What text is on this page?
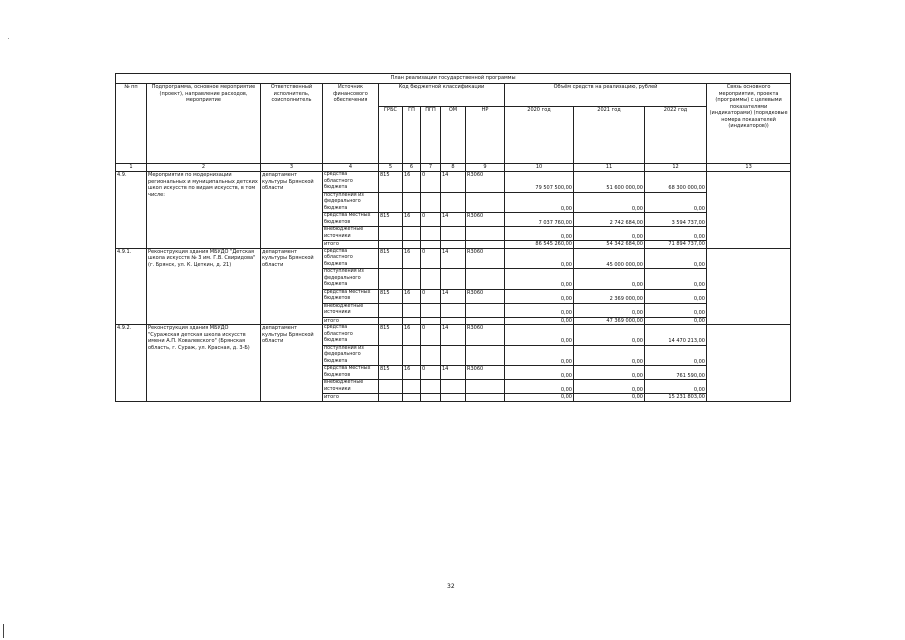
План реализации государственной программы												
№ пп	Подпрограмма, основное мероприятие (проект), направление расходов, мероприятие	Ответственный исполнитель, соисполнитель	Источник финансового обеспечения	Код бюджетной классификации					Объём средств на реализацию, рублей			Связь основного мероприятия, проекта (программы) с целевыми показателями (индикаторами) (порядковые номера показателей (индикаторов))
				ГРБС	ГП	ПГП	ОМ	НР	2020 год	2021 год	2022 год	
1	2	3	4	5	6	7	8	9	10	11	12	13
4.9.	Мероприятия по модернизации региональных и муниципальных детских школ искусств по видам искусств, в том числе:	департамент культуры Брянской области	средства областного бюджета	815	16	0	14	R3060	79 507 500,00	51 600 000,00	68 300 000,00	
			поступления из федерального бюджета						0,00	0,00	0,00	
			средства местных бюджетов	815	16	0	14	R3060	7 037 760,00	2 742 684,00	3 594 737,00	
			внебюджетные источники						0,00	0,00	0,00	
			итого						86 545 260,00	54 342 684,00	71 894 737,00	
4.9.1.	Реконструкция здания МБУДО "Детская школа искусств № 3 им. Г.В. Свиридова" (г. Брянск, ул. К. Цеткин, д. 21)	департамент культуры Брянской области	средства областного бюджета	815	16	0	14	R3060	0,00	45 000 000,00	0,00	
			поступления из федерального бюджета						0,00	0,00	0,00	
			средства местных бюджетов	815	16	0	14	R3060	0,00	2 369 000,00	0,00	
			внебюджетные источники						0,00	0,00	0,00	
			итого						0,00	47 369 000,00	0,00	
4.9.2.	Реконструкция здания МБУДО "Суражская детская школа искусств имени А.П. Ковалевского" (Брянская область, г. Сураж, ул. Красная, д. 3-Б)	департамент культуры Брянской области	средства областного бюджета	815	16	0	14	R3060	0,00	0,00	14 470 213,00	
			поступления из федерального бюджета						0,00	0,00	0,00	
			средства местных бюджетов	815	16	0	14	R3060	0,00	0,00	761 590,00	
			внебюджетные источники						0,00	0,00	0,00	
			итого						0,00	0,00	15 231 803,00	
32
